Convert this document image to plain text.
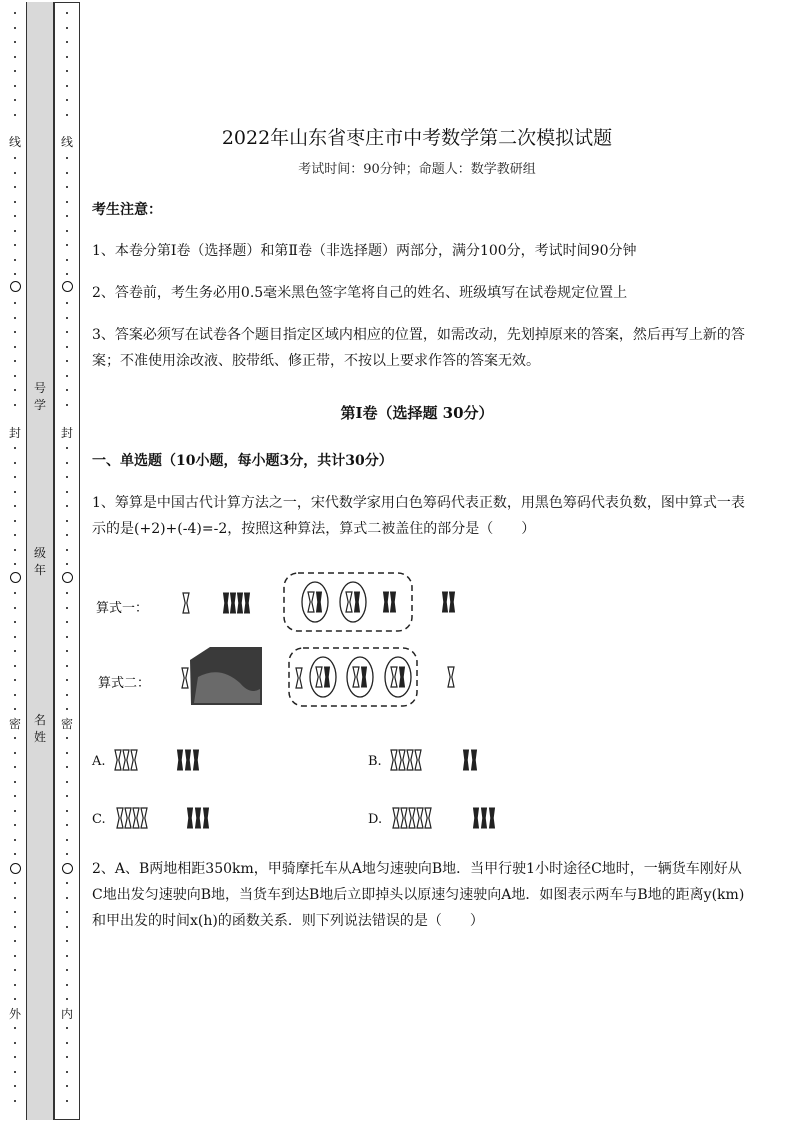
号学
级年
名姓
线
封
密
外
线
封
密
内
2022年山东省枣庄市中考数学第二次模拟试题
考试时间：90分钟；命题人：数学教研组
考生注意：
1、本卷分第Ⅰ卷（选择题）和第Ⅱ卷（非选择题）两部分，满分100分，考试时间90分钟
2、答卷前，考生务必用0.5毫米黑色签字笔将自己的姓名、班级填写在试卷规定位置上
3、答案必须写在试卷各个题目指定区域内相应的位置，如需改动，先划掉原来的答案，然后再写上新的答案；不准使用涂改液、胶带纸、修正带，不按以上要求作答的答案无效。
第Ⅰ卷（选择题 30分）
一、单选题（10小题，每小题3分，共计30分）
1、筹算是中国古代计算方法之一，宋代数学家用白色筹码代表正数，用黑色筹码代表负数，图中算式一表示的是(+2)+(-4)=-2，按照这种算法，算式二被盖住的部分是（　　）
算式一：
算式二：
A.	B.
C.	D.
2、A、B两地相距350km，甲骑摩托车从A地匀速驶向B地．当甲行驶1小时途径C地时，一辆货车刚好从C地出发匀速驶向B地，当货车到达B地后立即掉头以原速匀速驶向A地．如图表示两车与B地的距离y(km)和甲出发的时间x(h)的函数关系．则下列说法错误的是（　　）
